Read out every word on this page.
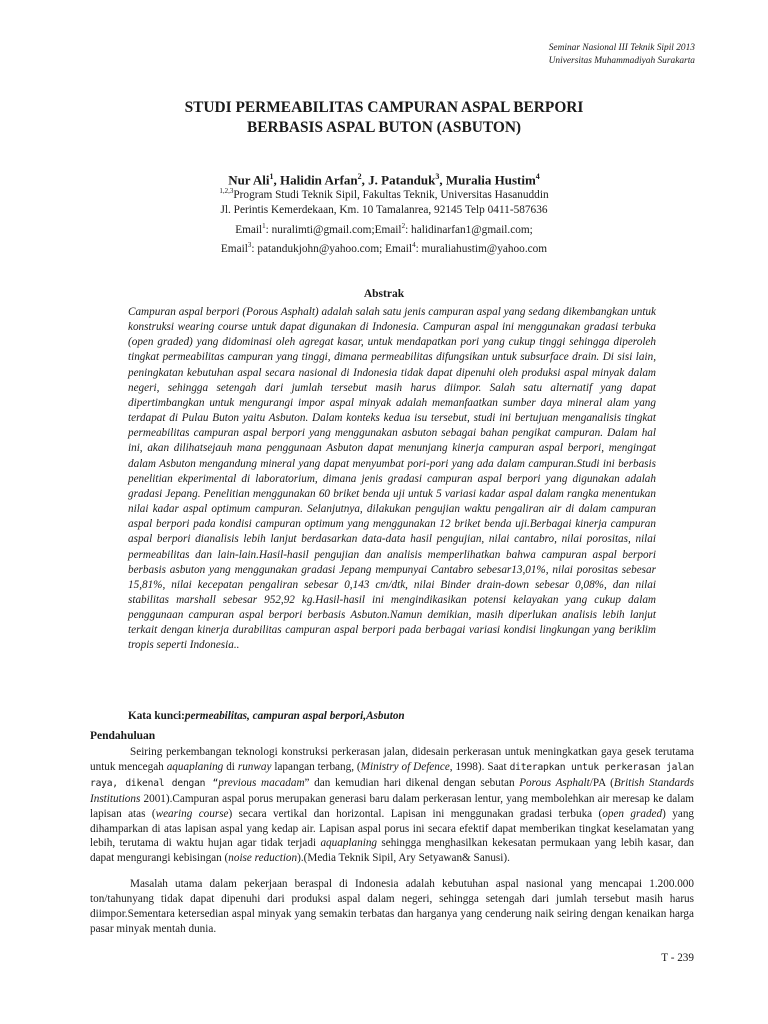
Seminar Nasional III Teknik Sipil 2013
Universitas Muhammadiyah Surakarta
STUDI PERMEABILITAS CAMPURAN ASPAL BERPORI
BERBASIS ASPAL BUTON (ASBUTON)
Nur Ali$^1$, Halidin Arfan$^2$, J. Patanduk$^3$, Muralia Hustim$^4$
$^{1,2,3}$Program Studi Teknik Sipil, Fakultas Teknik, Universitas Hasanuddin
Jl. Perintis Kemerdekaan, Km. 10 Tamalanrea, 92145 Telp 0411-587636
Email$^1$: nuralimti@gmail.com;Email$^2$: halidinarfan1@gmail.com;
Email$^3$: patandukjohn@yahoo.com; Email$^4$: muraliahustim@yahoo.com
Abstrak

Campuran aspal berpori (Porous Asphalt) adalah salah satu jenis campuran aspal yang sedang dikembangkan untuk konstruksi wearing course untuk dapat digunakan di Indonesia. Campuran aspal ini menggunakan gradasi terbuka (open graded) yang didominasi oleh agregat kasar, untuk mendapatkan pori yang cukup tinggi sehingga diperoleh tingkat permeabilitas campuran yang tinggi, dimana permeabilitas difungsikan untuk subsurface drain. Di sisi lain, peningkatan kebutuhan aspal secara nasional di Indonesia tidak dapat dipenuhi oleh produksi aspal minyak dalam negeri, sehingga setengah dari jumlah tersebut masih harus diimpor. Salah satu alternatif yang dapat dipertimbangkan untuk mengurangi impor aspal minyak adalah memanfaatkan sumber daya mineral alam yang terdapat di Pulau Buton yaitu Asbuton. Dalam konteks kedua isu tersebut, studi ini bertujuan menganalisis tingkat permeabilitas campuran aspal berpori yang menggunakan asbuton sebagai bahan pengikat campuran. Dalam hal ini, akan dilihatsejauh mana penggunaan Asbuton dapat menunjang kinerja campuran aspal berpori, mengingat dalam Asbuton mengandung mineral yang dapat menyumbat pori-pori yang ada dalam campuran.Studi ini berbasis penelitian ekperimental di laboratorium, dimana jenis gradasi campuran aspal berpori yang digunakan adalah gradasi Jepang. Penelitian menggunakan 60 briket benda uji untuk 5 variasi kadar aspal dalam rangka menentukan nilai kadar aspal optimum campuran. Selanjutnya, dilakukan pengujian waktu pengaliran air di dalam campuran aspal berpori pada kondisi campuran optimum yang menggunakan 12 briket benda uji.Berbagai kinerja campuran aspal berpori dianalisis lebih lanjut berdasarkan data-data hasil pengujian, nilai cantabro, nilai porositas, nilai permeabilitas dan lain-lain.Hasil-hasil pengujian dan analisis memperlihatkan bahwa campuran aspal berpori berbasis asbuton yang menggunakan gradasi Jepang mempunyai Cantabro sebesar13,01%, nilai porositas sebesar 15,81%, nilai kecepatan pengaliran sebesar 0,143 cm/dtk, nilai Binder drain-down sebesar 0,08%, dan nilai stabilitas marshall sebesar 952,92 kg.Hasil-hasil ini mengindikasikan potensi kelayakan yang cukup dalam penggunaan campuran aspal berpori berbasis Asbuton.Namun demikian, masih diperlukan analisis lebih lanjut terkait dengan kinerja durabilitas campuran aspal berpori pada berbagai variasi kondisi lingkungan yang beriklim tropis seperti Indonesia..

Kata kunci:permeabilitas, campuran aspal berpori,Asbuton

Pendahuluan

Seiring perkembangan teknologi konstruksi perkerasan jalan, didesain perkerasan untuk meningkatkan gaya gesek terutama untuk mencegah aquaplaning di runway lapangan terbang, (Ministry of Defence, 1998). Saat diterapkan untuk perkerasan jalan raya, dikenal dengan “previous macadam” dan kemudian hari dikenal dengan sebutan Porous Asphalt/PA (British Standards Institutions 2001).Campuran aspal porus merupakan generasi baru dalam perkerasan lentur, yang membolehkan air meresap ke dalam lapisan atas (wearing course) secara vertikal dan horizontal. Lapisan ini menggunakan gradasi terbuka (open graded) yang dihamparkan di atas lapisan aspal yang kedap air. Lapisan aspal porus ini secara efektif dapat memberikan tingkat keselamatan yang lebih, terutama di waktu hujan agar tidak terjadi aquaplaning sehingga menghasilkan kekesatan permukaan yang lebih kasar, dan dapat mengurangi kebisingan (noise reduction).(Media Teknik Sipil, Ary Setyawan& Sanusi).

Masalah utama dalam pekerjaan beraspal di Indonesia adalah kebutuhan aspal nasional yang mencapai 1.200.000 ton/tahunyang tidak dapat dipenuhi dari produksi aspal dalam negeri, sehingga setengah dari jumlah tersebut masih harus diimpor.Sementara ketersedian aspal minyak yang semakin terbatas dan harganya yang cenderung naik seiring dengan kenaikan harga pasar minyak mentah dunia.

T - 239
